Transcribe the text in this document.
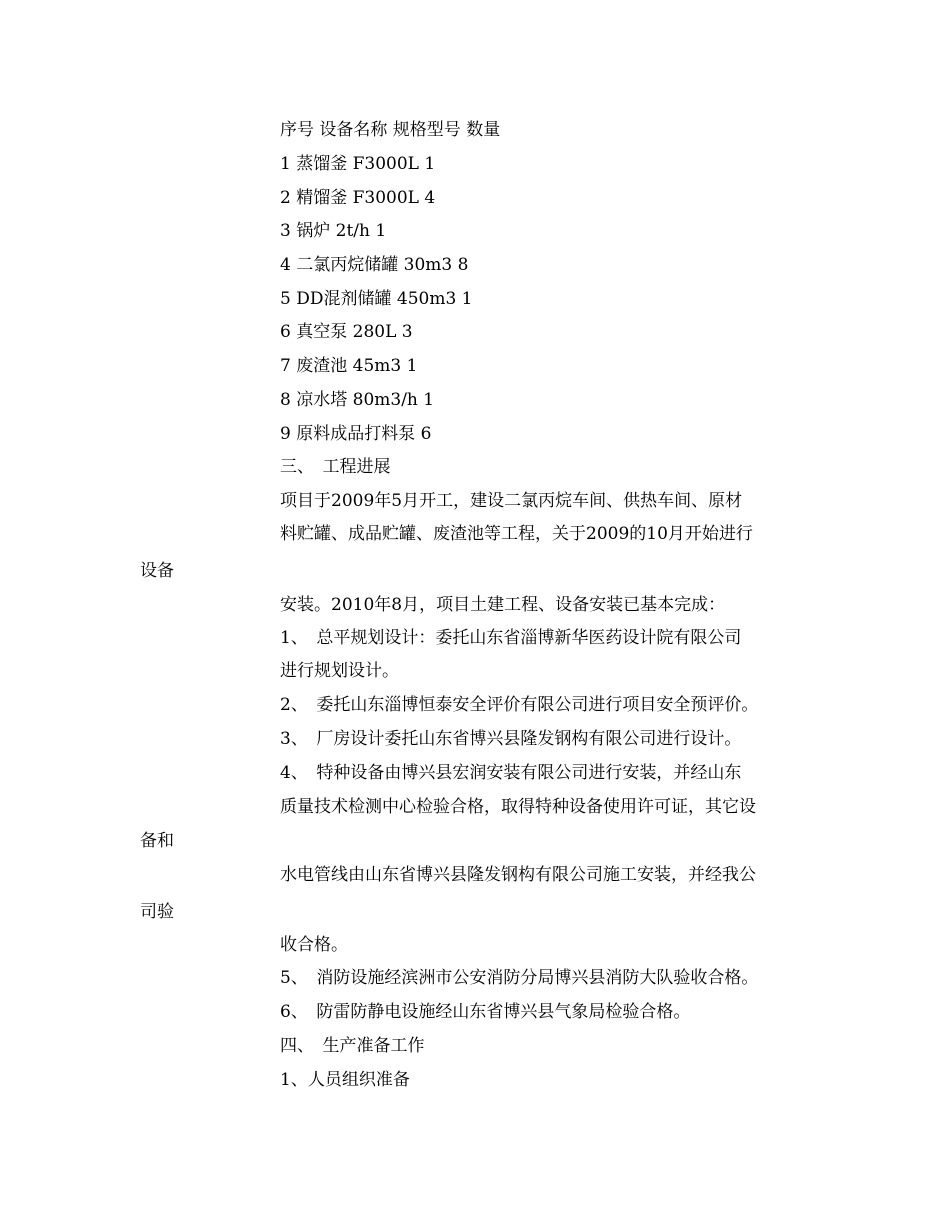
序号 设备名称 规格型号 数量
1 蒸馏釜 F3000L 1
2 精馏釜 F3000L 4
3 锅炉 2t/h 1
4 二氯丙烷储罐 30m3 8
5 DD混剂储罐 450m3 1
6 真空泵 280L 3
7 废渣池 45m3 1
8 凉水塔 80m3/h 1
9 原料成品打料泵 6
三、　工程进展
项目于2009年5月开工，建设二氯丙烷车间、供热车间、原材
料贮罐、成品贮罐、废渣池等工程，关于2009的10月开始进行
设备
安装。2010年8月，项目土建工程、设备安装已基本完成：
1、　总平规划设计：委托山东省淄博新华医药设计院有限公司
进行规划设计。
2、　委托山东淄博恒泰安全评价有限公司进行项目安全预评价。
3、　厂房设计委托山东省博兴县隆发钢构有限公司进行设计。
4、　特种设备由博兴县宏润安装有限公司进行安装，并经山东
质量技术检测中心检验合格，取得特种设备使用许可证，其它设
备和
水电管线由山东省博兴县隆发钢构有限公司施工安装，并经我公
司验
收合格。
5、　消防设施经滨洲市公安消防分局博兴县消防大队验收合格。
6、　防雷防静电设施经山东省博兴县气象局检验合格。
四、　生产准备工作
1、人员组织准备
